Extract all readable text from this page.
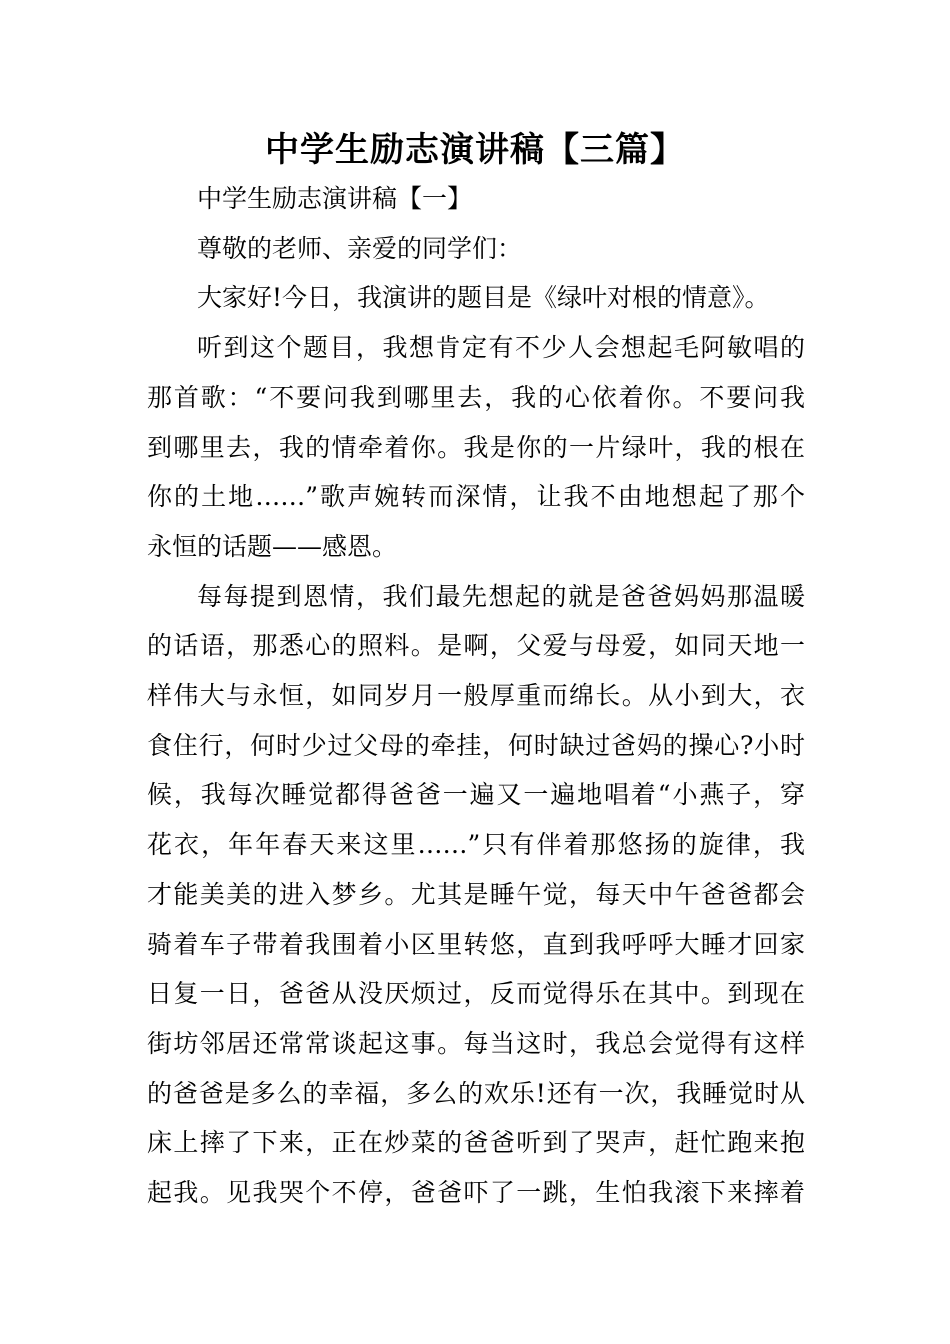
中学生励志演讲稿【三篇】
中学生励志演讲稿【一】
尊敬的老师、亲爱的同学们：
大家好!今日，我演讲的题目是《绿叶对根的情意》。
听到这个题目，我想肯定有不少人会想起毛阿敏唱的
那首歌：“不要问我到哪里去，我的心依着你。不要问我
到哪里去，我的情牵着你。我是你的一片绿叶，我的根在
你的土地……”歌声婉转而深情，让我不由地想起了那个
永恒的话题——感恩。
每每提到恩情，我们最先想起的就是爸爸妈妈那温暖
的话语，那悉心的照料。是啊，父爱与母爱，如同天地一
样伟大与永恒，如同岁月一般厚重而绵长。从小到大，衣
食住行，何时少过父母的牵挂，何时缺过爸妈的操心?小时
候，我每次睡觉都得爸爸一遍又一遍地唱着“小燕子，穿
花衣，年年春天来这里……”只有伴着那悠扬的旋律，我
才能美美的进入梦乡。尤其是睡午觉，每天中午爸爸都会
骑着车子带着我围着小区里转悠，直到我呼呼大睡才回家
日复一日，爸爸从没厌烦过，反而觉得乐在其中。到现在
街坊邻居还常常谈起这事。每当这时，我总会觉得有这样
的爸爸是多么的幸福，多么的欢乐!还有一次，我睡觉时从
床上摔了下来，正在炒菜的爸爸听到了哭声，赶忙跑来抱
起我。见我哭个不停，爸爸吓了一跳，生怕我滚下来摔着
